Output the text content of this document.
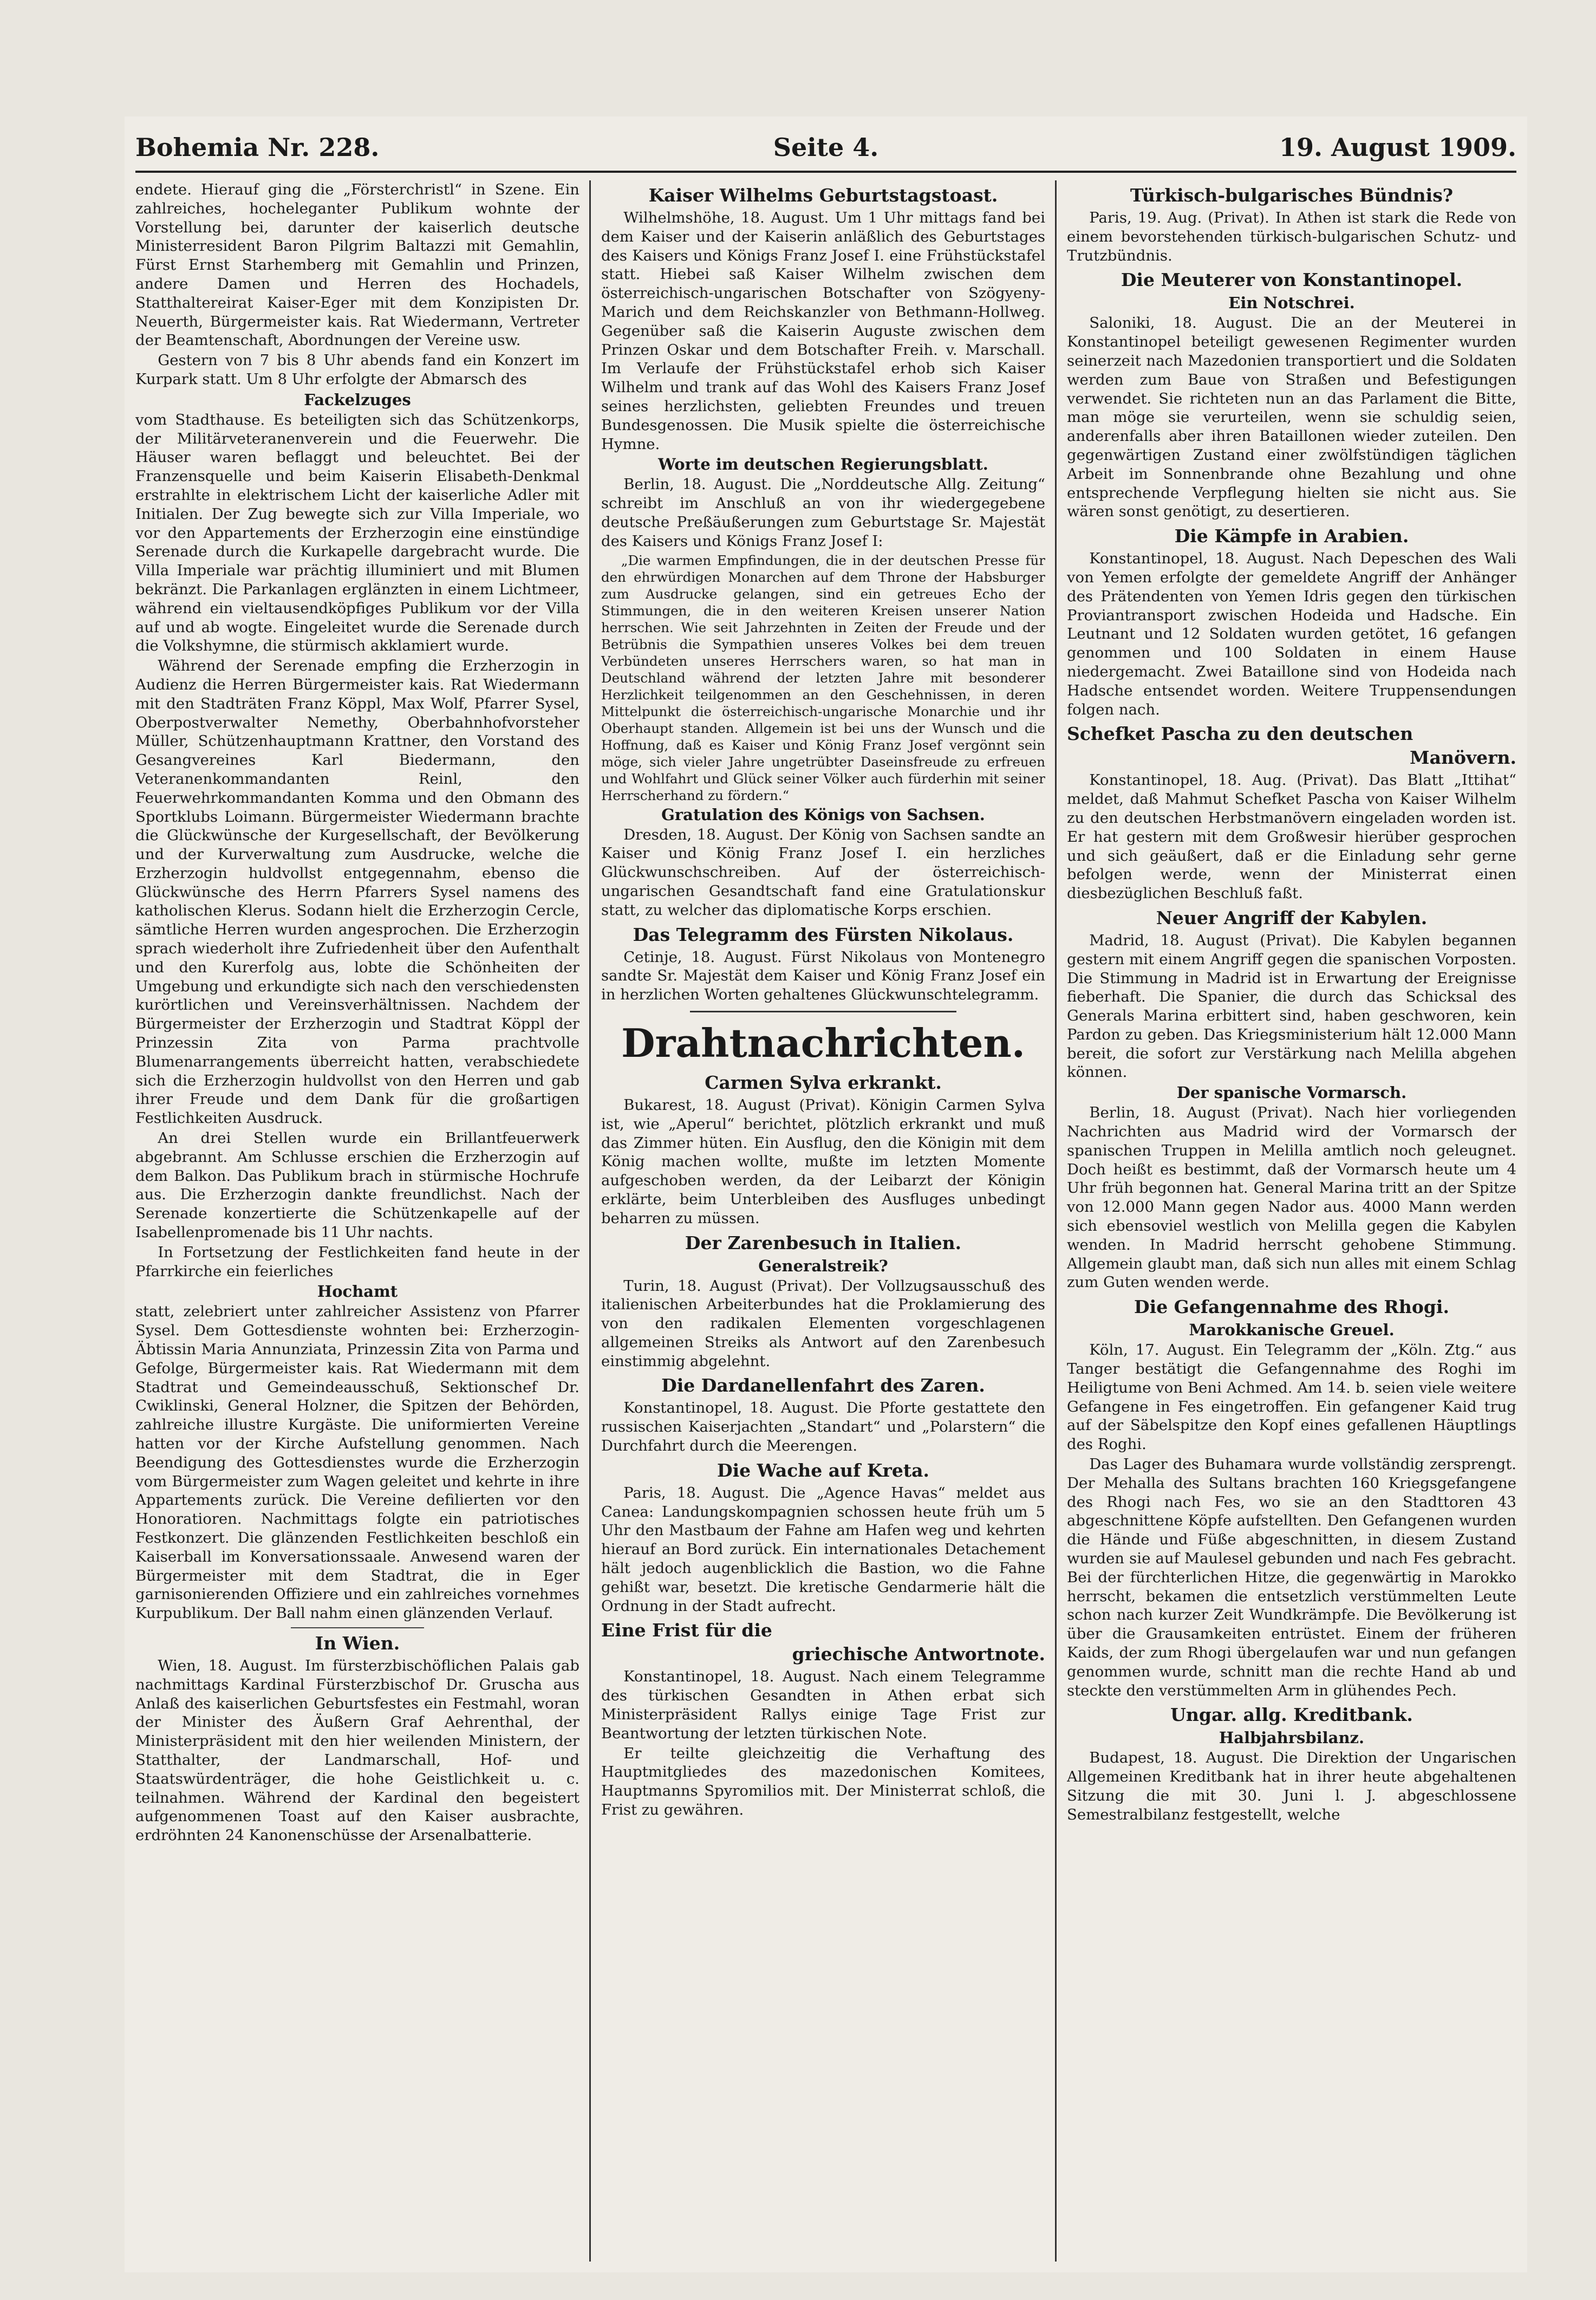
Bohemia Nr. 228.	Seite 4.	19. August 1909.

endete. Hierauf ging die „Försterchristl“ in Szene. Ein zahlreiches, hocheleganter Publikum wohnte der Vorstellung bei, darunter der kaiserlich deutsche Ministerresident Baron Pilgrim Baltazzi mit Gemahlin, Fürst Ernst Starhemberg mit Gemahlin und Prinzen, andere Damen und Herren des Hochadels, Statthaltereirat Kaiser-Eger mit dem Konzipisten Dr. Neuerth, Bürgermeister kais. Rat Wiedermann, Vertreter der Beamtenschaft, Abordnungen der Vereine usw.

Gestern von 7 bis 8 Uhr abends fand ein Konzert im Kurpark statt. Um 8 Uhr erfolgte der Abmarsch des

Fackelzuges

vom Stadthause. Es beteiligten sich das Schützenkorps, der Militärveteranenverein und die Feuerwehr. Die Häuser waren beflaggt und beleuchtet. Bei der Franzensquelle und beim Kaiserin Elisabeth-Denkmal erstrahlte in elektrischem Licht der kaiserliche Adler mit Initialen. Der Zug bewegte sich zur Villa Imperiale, wo vor den Appartements der Erzherzogin eine einstündige Serenade durch die Kurkapelle dargebracht wurde. Die Villa Imperiale war prächtig illuminiert und mit Blumen bekränzt. Die Parkanlagen erglänzten in einem Lichtmeer, während ein vieltausendköpfiges Publikum vor der Villa auf und ab wogte. Eingeleitet wurde die Serenade durch die Volkshymne, die stürmisch akklamiert wurde.

Während der Serenade empfing die Erzherzogin in Audienz die Herren Bürgermeister kais. Rat Wiedermann mit den Stadträten Franz Köppl, Max Wolf, Pfarrer Sysel, Oberpostverwalter Nemethy, Oberbahnhofvorsteher Müller, Schützenhauptmann Krattner, den Vorstand des Gesangvereines Karl Biedermann, den Veteranenkommandanten Reinl, den Feuerwehrkommandanten Komma und den Obmann des Sportklubs Loimann. Bürgermeister Wiedermann brachte die Glückwünsche der Kurgesellschaft, der Bevölkerung und der Kurverwaltung zum Ausdrucke, welche die Erzherzogin huldvollst entgegennahm, ebenso die Glückwünsche des Herrn Pfarrers Sysel namens des katholischen Klerus. Sodann hielt die Erzherzogin Cercle, sämtliche Herren wurden angesprochen. Die Erzherzogin sprach wiederholt ihre Zufriedenheit über den Aufenthalt und den Kurerfolg aus, lobte die Schönheiten der Umgebung und erkundigte sich nach den verschiedensten kurörtlichen und Vereinsverhältnissen. Nachdem der Bürgermeister der Erzherzogin und Stadtrat Köppl der Prinzessin Zita von Parma prachtvolle Blumenarrangements überreicht hatten, verabschiedete sich die Erzherzogin huldvollst von den Herren und gab ihrer Freude und dem Dank für die großartigen Festlichkeiten Ausdruck.

An drei Stellen wurde ein Brillantfeuerwerk abgebrannt. Am Schlusse erschien die Erzherzogin auf dem Balkon. Das Publikum brach in stürmische Hochrufe aus. Die Erzherzogin dankte freundlichst. Nach der Serenade konzertierte die Schützenkapelle auf der Isabellenpromenade bis 11 Uhr nachts.

In Fortsetzung der Festlichkeiten fand heute in der Pfarrkirche ein feierliches

Hochamt

statt, zelebriert unter zahlreicher Assistenz von Pfarrer Sysel. Dem Gottesdienste wohnten bei: Erzherzogin-Äbtissin Maria Annunziata, Prinzessin Zita von Parma und Gefolge, Bürgermeister kais. Rat Wiedermann mit dem Stadtrat und Gemeindeausschuß, Sektionschef Dr. Cwiklinski, General Holzner, die Spitzen der Behörden, zahlreiche illustre Kurgäste. Die uniformierten Vereine hatten vor der Kirche Aufstellung genommen. Nach Beendigung des Gottesdienstes wurde die Erzherzogin vom Bürgermeister zum Wagen geleitet und kehrte in ihre Appartements zurück. Die Vereine defilierten vor den Honoratioren. Nachmittags folgte ein patriotisches Festkonzert. Die glänzenden Festlichkeiten beschloß ein Kaiserball im Konversationssaale. Anwesend waren der Bürgermeister mit dem Stadtrat, die in Eger garnisonierenden Offiziere und ein zahlreiches vornehmes Kurpublikum. Der Ball nahm einen glänzenden Verlauf.

In Wien.

Wien, 18. August. Im fürsterzbischöflichen Palais gab nachmittags Kardinal Fürsterzbischof Dr. Gruscha aus Anlaß des kaiserlichen Geburtsfestes ein Festmahl, woran der Minister des Äußern Graf Aehrenthal, der Ministerpräsident mit den hier weilenden Ministern, der Statthalter, der Landmarschall, Hof- und Staatswürdenträger, die hohe Geistlichkeit u. c. teilnahmen. Während der Kardinal den begeistert aufgenommenen Toast auf den Kaiser ausbrachte, erdröhnten 24 Kanonenschüsse der Arsenalbatterie.

Kaiser Wilhelms Geburtstagstoast.

Wilhelmshöhe, 18. August. Um 1 Uhr mittags fand bei dem Kaiser und der Kaiserin anläßlich des Geburtstages des Kaisers und Königs Franz Josef I. eine Frühstückstafel statt. Hiebei saß Kaiser Wilhelm zwischen dem österreichisch-ungarischen Botschafter von Szögyeny-Marich und dem Reichskanzler von Bethmann-Hollweg. Gegenüber saß die Kaiserin Auguste zwischen dem Prinzen Oskar und dem Botschafter Freih. v. Marschall. Im Verlaufe der Frühstückstafel erhob sich Kaiser Wilhelm und trank auf das Wohl des Kaisers Franz Josef seines herzlichsten, geliebten Freundes und treuen Bundesgenossen. Die Musik spielte die österreichische Hymne.

Worte im deutschen Regierungsblatt.

Berlin, 18. August. Die „Norddeutsche Allg. Zeitung“ schreibt im Anschluß an von ihr wiedergegebene deutsche Preßäußerungen zum Geburtstage Sr. Majestät des Kaisers und Königs Franz Josef I:

„Die warmen Empfindungen, die in der deutschen Presse für den ehrwürdigen Monarchen auf dem Throne der Habsburger zum Ausdrucke gelangen, sind ein getreues Echo der Stimmungen, die in den weiteren Kreisen unserer Nation herrschen. Wie seit Jahrzehnten in Zeiten der Freude und der Betrübnis die Sympathien unseres Volkes bei dem treuen Verbündeten unseres Herrschers waren, so hat man in Deutschland während der letzten Jahre mit besonderer Herzlichkeit teilgenommen an den Geschehnissen, in deren Mittelpunkt die österreichisch-ungarische Monarchie und ihr Oberhaupt standen. Allgemein ist bei uns der Wunsch und die Hoffnung, daß es Kaiser und König Franz Josef vergönnt sein möge, sich vieler Jahre ungetrübter Daseinsfreude zu erfreuen und Wohlfahrt und Glück seiner Völker auch fürderhin mit seiner Herrscherhand zu fördern.“

Gratulation des Königs von Sachsen.

Dresden, 18. August. Der König von Sachsen sandte an Kaiser und König Franz Josef I. ein herzliches Glückwunschschreiben. Auf der österreichisch-ungarischen Gesandtschaft fand eine Gratulationskur statt, zu welcher das diplomatische Korps erschien.

Das Telegramm des Fürsten Nikolaus.

Cetinje, 18. August. Fürst Nikolaus von Montenegro sandte Sr. Majestät dem Kaiser und König Franz Josef ein in herzlichen Worten gehaltenes Glückwunschtelegramm.

Drahtnachrichten.
Carmen Sylva erkrankt.

Bukarest, 18. August (Privat). Königin Carmen Sylva ist, wie „Aperul“ berichtet, plötzlich erkrankt und muß das Zimmer hüten. Ein Ausflug, den die Königin mit dem König machen wollte, mußte im letzten Momente aufgeschoben werden, da der Leibarzt der Königin erklärte, beim Unterbleiben des Ausfluges unbedingt beharren zu müssen.

Der Zarenbesuch in Italien.
Generalstreik?

Turin, 18. August (Privat). Der Vollzugsausschuß des italienischen Arbeiterbundes hat die Proklamierung des von den radikalen Elementen vorgeschlagenen allgemeinen Streiks als Antwort auf den Zarenbesuch einstimmig abgelehnt.

Die Dardanellenfahrt des Zaren.

Konstantinopel, 18. August. Die Pforte gestattete den russischen Kaiserjachten „Standart“ und „Polarstern“ die Durchfahrt durch die Meerengen.

Die Wache auf Kreta.

Paris, 18. August. Die „Agence Havas“ meldet aus Canea: Landungskompagnien schossen heute früh um 5 Uhr den Mastbaum der Fahne am Hafen weg und kehrten hierauf an Bord zurück. Ein internationales Detachement hält jedoch augenblicklich die Bastion, wo die Fahne gehißt war, besetzt. Die kretische Gendarmerie hält die Ordnung in der Stadt aufrecht.

Eine Frist für die
griechische Antwortnote.

Konstantinopel, 18. August. Nach einem Telegramme des türkischen Gesandten in Athen erbat sich Ministerpräsident Rallys einige Tage Frist zur Beantwortung der letzten türkischen Note.

Er teilte gleichzeitig die Verhaftung des Hauptmitgliedes des mazedonischen Komitees, Hauptmanns Spyromilios mit. Der Ministerrat schloß, die Frist zu gewähren.

Türkisch-bulgarisches Bündnis?

Paris, 19. Aug. (Privat). In Athen ist stark die Rede von einem bevorstehenden türkisch-bulgarischen Schutz- und Trutzbündnis.

Die Meuterer von Konstantinopel.
Ein Notschrei.

Saloniki, 18. August. Die an der Meuterei in Konstantinopel beteiligt gewesenen Regimenter wurden seinerzeit nach Mazedonien transportiert und die Soldaten werden zum Baue von Straßen und Befestigungen verwendet. Sie richteten nun an das Parlament die Bitte, man möge sie verurteilen, wenn sie schuldig seien, anderenfalls aber ihren Bataillonen wieder zuteilen. Den gegenwärtigen Zustand einer zwölfstündigen täglichen Arbeit im Sonnenbrande ohne Bezahlung und ohne entsprechende Verpflegung hielten sie nicht aus. Sie wären sonst genötigt, zu desertieren.

Die Kämpfe in Arabien.

Konstantinopel, 18. August. Nach Depeschen des Wali von Yemen erfolgte der gemeldete Angriff der Anhänger des Prätendenten von Yemen Idris gegen den türkischen Proviantransport zwischen Hodeida und Hadsche. Ein Leutnant und 12 Soldaten wurden getötet, 16 gefangen genommen und 100 Soldaten in einem Hause niedergemacht. Zwei Bataillone sind von Hodeida nach Hadsche entsendet worden. Weitere Truppensendungen folgen nach.

Schefket Pascha zu den deutschen
Manövern.

Konstantinopel, 18. Aug. (Privat). Das Blatt „Ittihat“ meldet, daß Mahmut Schefket Pascha von Kaiser Wilhelm zu den deutschen Herbstmanövern eingeladen worden ist. Er hat gestern mit dem Großwesir hierüber gesprochen und sich geäußert, daß er die Einladung sehr gerne befolgen werde, wenn der Ministerrat einen diesbezüglichen Beschluß faßt.

Neuer Angriff der Kabylen.

Madrid, 18. August (Privat). Die Kabylen begannen gestern mit einem Angriff gegen die spanischen Vorposten. Die Stimmung in Madrid ist in Erwartung der Ereignisse fieberhaft. Die Spanier, die durch das Schicksal des Generals Marina erbittert sind, haben geschworen, kein Pardon zu geben. Das Kriegsministerium hält 12.000 Mann bereit, die sofort zur Verstärkung nach Melilla abgehen können.

Der spanische Vormarsch.

Berlin, 18. August (Privat). Nach hier vorliegenden Nachrichten aus Madrid wird der Vormarsch der spanischen Truppen in Melilla amtlich noch geleugnet. Doch heißt es bestimmt, daß der Vormarsch heute um 4 Uhr früh begonnen hat. General Marina tritt an der Spitze von 12.000 Mann gegen Nador aus. 4000 Mann werden sich ebensoviel westlich von Melilla gegen die Kabylen wenden. In Madrid herrscht gehobene Stimmung. Allgemein glaubt man, daß sich nun alles mit einem Schlag zum Guten wenden werde.

Die Gefangennahme des Rhogi.
Marokkanische Greuel.

Köln, 17. August. Ein Telegramm der „Köln. Ztg.“ aus Tanger bestätigt die Gefangennahme des Roghi im Heiligtume von Beni Achmed. Am 14. b. seien viele weitere Gefangene in Fes eingetroffen. Ein gefangener Kaid trug auf der Säbelspitze den Kopf eines gefallenen Häuptlings des Roghi.

Das Lager des Buhamara wurde vollständig zersprengt. Der Mehalla des Sultans brachten 160 Kriegsgefangene des Rhogi nach Fes, wo sie an den Stadttoren 43 abgeschnittene Köpfe aufstellten. Den Gefangenen wurden die Hände und Füße abgeschnitten, in diesem Zustand wurden sie auf Maulesel gebunden und nach Fes gebracht. Bei der fürchterlichen Hitze, die gegenwärtig in Marokko herrscht, bekamen die entsetzlich verstümmelten Leute schon nach kurzer Zeit Wundkrämpfe. Die Bevölkerung ist über die Grausamkeiten entrüstet. Einem der früheren Kaids, der zum Rhogi übergelaufen war und nun gefangen genommen wurde, schnitt man die rechte Hand ab und steckte den verstümmelten Arm in glühendes Pech.

Ungar. allg. Kreditbank.
Halbjahrsbilanz.

Budapest, 18. August. Die Direktion der Ungarischen Allgemeinen Kreditbank hat in ihrer heute abgehaltenen Sitzung die mit 30. Juni l. J. abgeschlossene Semestralbilanz festgestellt, welche
